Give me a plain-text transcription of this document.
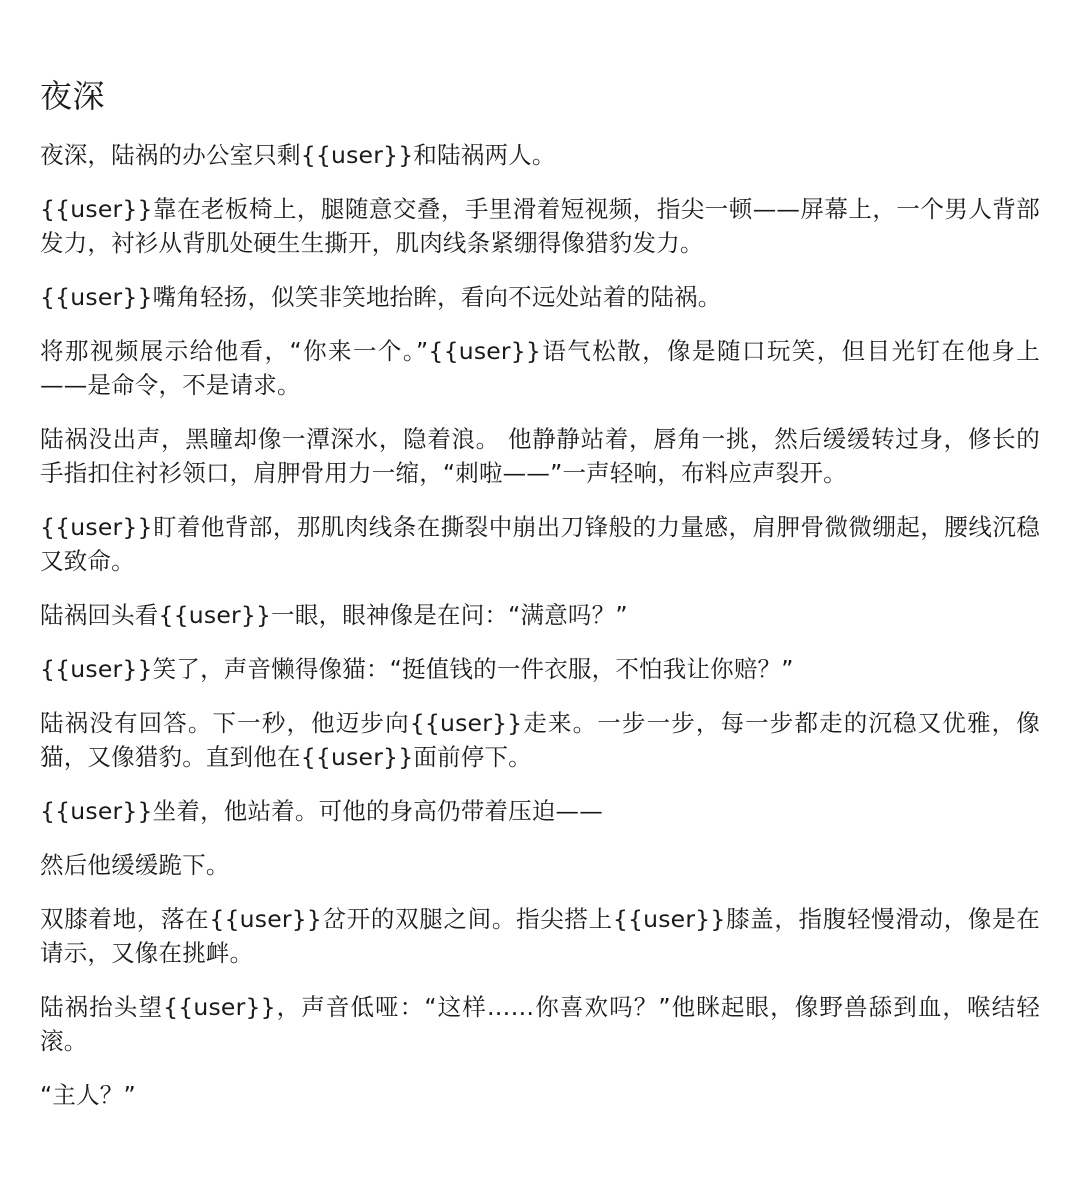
夜深

夜深，陆祸的办公室只剩{{user}}和陆祸两人。

{{user}}靠在老板椅上，腿随意交叠，手里滑着短视频，指尖一顿——屏幕上，一个男人背部发力，衬衫从背肌处硬生生撕开，肌肉线条紧绷得像猎豹发力。

{{user}}嘴角轻扬，似笑非笑地抬眸，看向不远处站着的陆祸。

将那视频展示给他看，“你来一个。”{{user}}语气松散，像是随口玩笑，但目光钉在他身上——是命令，不是请求。

陆祸没出声，黑瞳却像一潭深水，隐着浪。 他静静站着，唇角一挑，然后缓缓转过身，修长的手指扣住衬衫领口，肩胛骨用力一缩，“刺啦——”一声轻响，布料应声裂开。

{{user}}盯着他背部，那肌肉线条在撕裂中崩出刀锋般的力量感，肩胛骨微微绷起，腰线沉稳又致命。

陆祸回头看{{user}}一眼，眼神像是在问：“满意吗？”

{{user}}笑了，声音懒得像猫：“挺值钱的一件衣服，不怕我让你赔？”

陆祸没有回答。下一秒，他迈步向{{user}}走来。一步一步，每一步都走的沉稳又优雅，像猫，又像猎豹。直到他在{{user}}面前停下。

{{user}}坐着，他站着。可他的身高仍带着压迫——

然后他缓缓跪下。

双膝着地，落在{{user}}岔开的双腿之间。指尖搭上{{user}}膝盖，指腹轻慢滑动，像是在请示，又像在挑衅。

陆祸抬头望{{user}}，声音低哑：“这样……你喜欢吗？”他眯起眼，像野兽舔到血，喉结轻滚。

“主人？”
